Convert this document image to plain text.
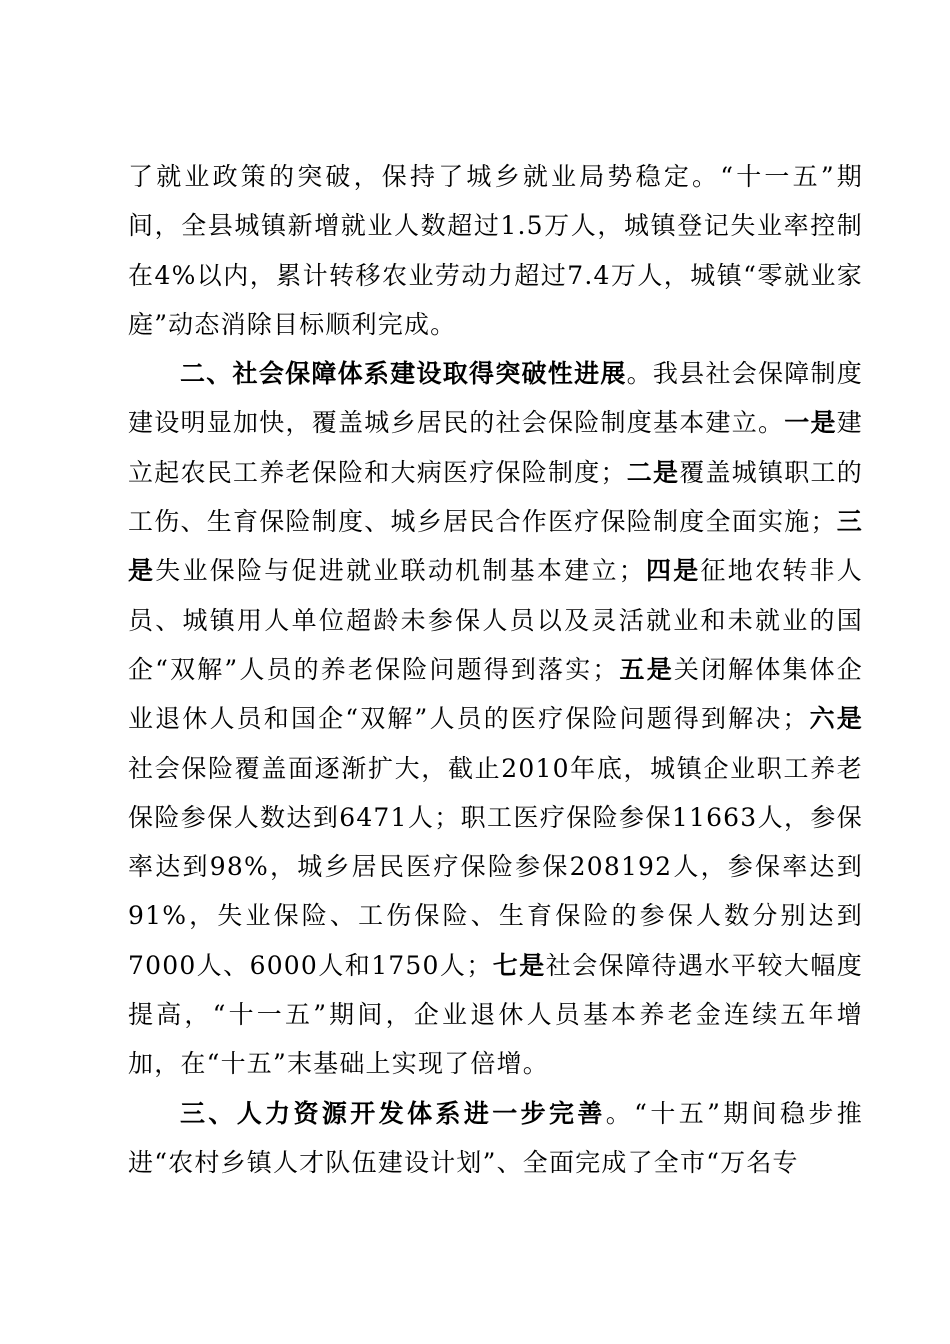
了就业政策的突破，保持了城乡就业局势稳定。“十一五”期间，全县城镇新增就业人数超过1.5万人，城镇登记失业率控制在4%以内，累计转移农业劳动力超过7.4万人，城镇“零就业家庭”动态消除目标顺利完成。

二、社会保障体系建设取得突破性进展。我县社会保障制度建设明显加快，覆盖城乡居民的社会保险制度基本建立。一是建立起农民工养老保险和大病医疗保险制度；二是覆盖城镇职工的工伤、生育保险制度、城乡居民合作医疗保险制度全面实施；三是失业保险与促进就业联动机制基本建立；四是征地农转非人员、城镇用人单位超龄未参保人员以及灵活就业和未就业的国企“双解”人员的养老保险问题得到落实；五是关闭解体集体企业退休人员和国企“双解”人员的医疗保险问题得到解决；六是社会保险覆盖面逐渐扩大，截止2010年底，城镇企业职工养老保险参保人数达到6471人；职工医疗保险参保11663人，参保率达到98%，城乡居民医疗保险参保208192人，参保率达到91%，失业保险、工伤保险、生育保险的参保人数分别达到7000人、6000人和1750人；七是社会保障待遇水平较大幅度提高，“十一五”期间，企业退休人员基本养老金连续五年增加，在“十五”末基础上实现了倍增。

三、人力资源开发体系进一步完善。“十五”期间稳步推进“农村乡镇人才队伍建设计划”、全面完成了全市“万名专
